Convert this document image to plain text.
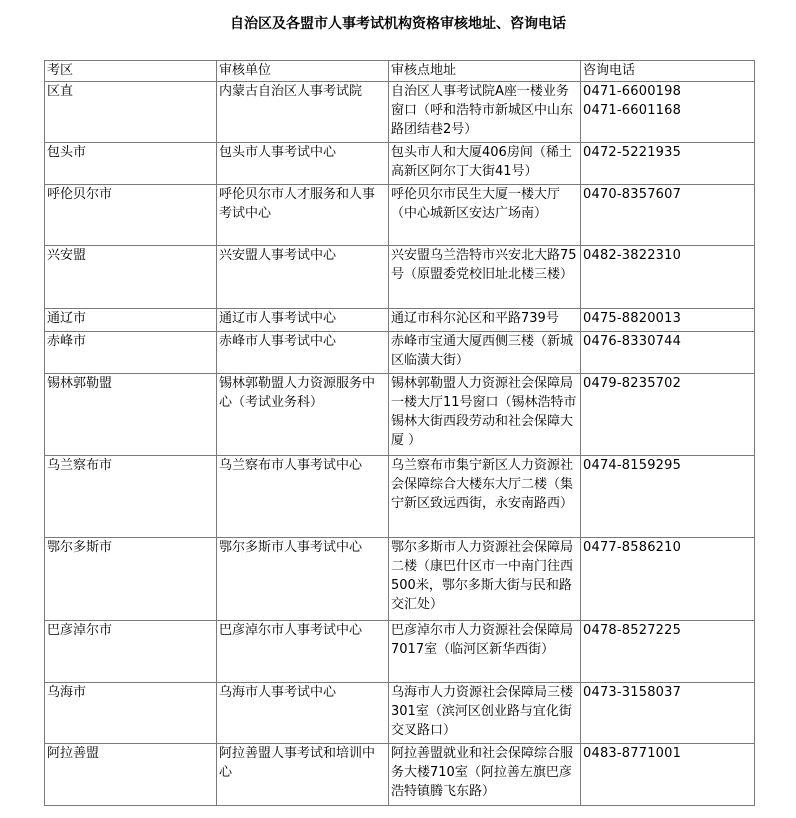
自治区及各盟市人事考试机构资格审核地址、咨询电话
考区	审核单位	审核点地址	咨询电话
区直	内蒙古自治区人事考试院	自治区人事考试院A座一楼业务窗口（呼和浩特市新城区中山东路团结巷2号）	0471-6600198
0471-6601168

包头市	包头市人事考试中心	包头市人和大厦406房间（稀土高新区阿尔丁大街41号）	0472-5221935

呼伦贝尔市	呼伦贝尔市人才服务和人事考试中心	呼伦贝尔市民生大厦一楼大厅（中心城新区安达广场南）	0470-8357607

兴安盟	兴安盟人事考试中心	兴安盟乌兰浩特市兴安北大路75号（原盟委党校旧址北楼三楼）	0482-3822310

通辽市	通辽市人事考试中心	通辽市科尔沁区和平路739号	0475-8820013

赤峰市	赤峰市人事考试中心	赤峰市宝通大厦西侧三楼（新城区临潢大街）	0476-8330744

锡林郭勒盟	锡林郭勒盟人力资源服务中心（考试业务科）	锡林郭勒盟人力资源社会保障局一楼大厅11号窗口（锡林浩特市锡林大街西段劳动和社会保障大厦 ）	0479-8235702

乌兰察布市	乌兰察布市人事考试中心	乌兰察布市集宁新区人力资源社会保障综合大楼东大厅二楼（集宁新区致远西街，永安南路西）	0474-8159295

鄂尔多斯市	鄂尔多斯市人事考试中心	鄂尔多斯市人力资源社会保障局二楼（康巴什区市一中南门往西500米，鄂尔多斯大街与民和路交汇处）	0477-8586210

巴彦淖尔市	巴彦淖尔市人事考试中心	巴彦淖尔市人力资源社会保障局7017室（临河区新华西街）	0478-8527225

乌海市	乌海市人事考试中心	乌海市人力资源社会保障局三楼301室（滨河区创业路与宜化街交叉路口）	0473-3158037

阿拉善盟	阿拉善盟人事考试和培训中心	阿拉善盟就业和社会保障综合服务大楼710室（阿拉善左旗巴彦浩特镇腾飞东路）	0483-8771001
